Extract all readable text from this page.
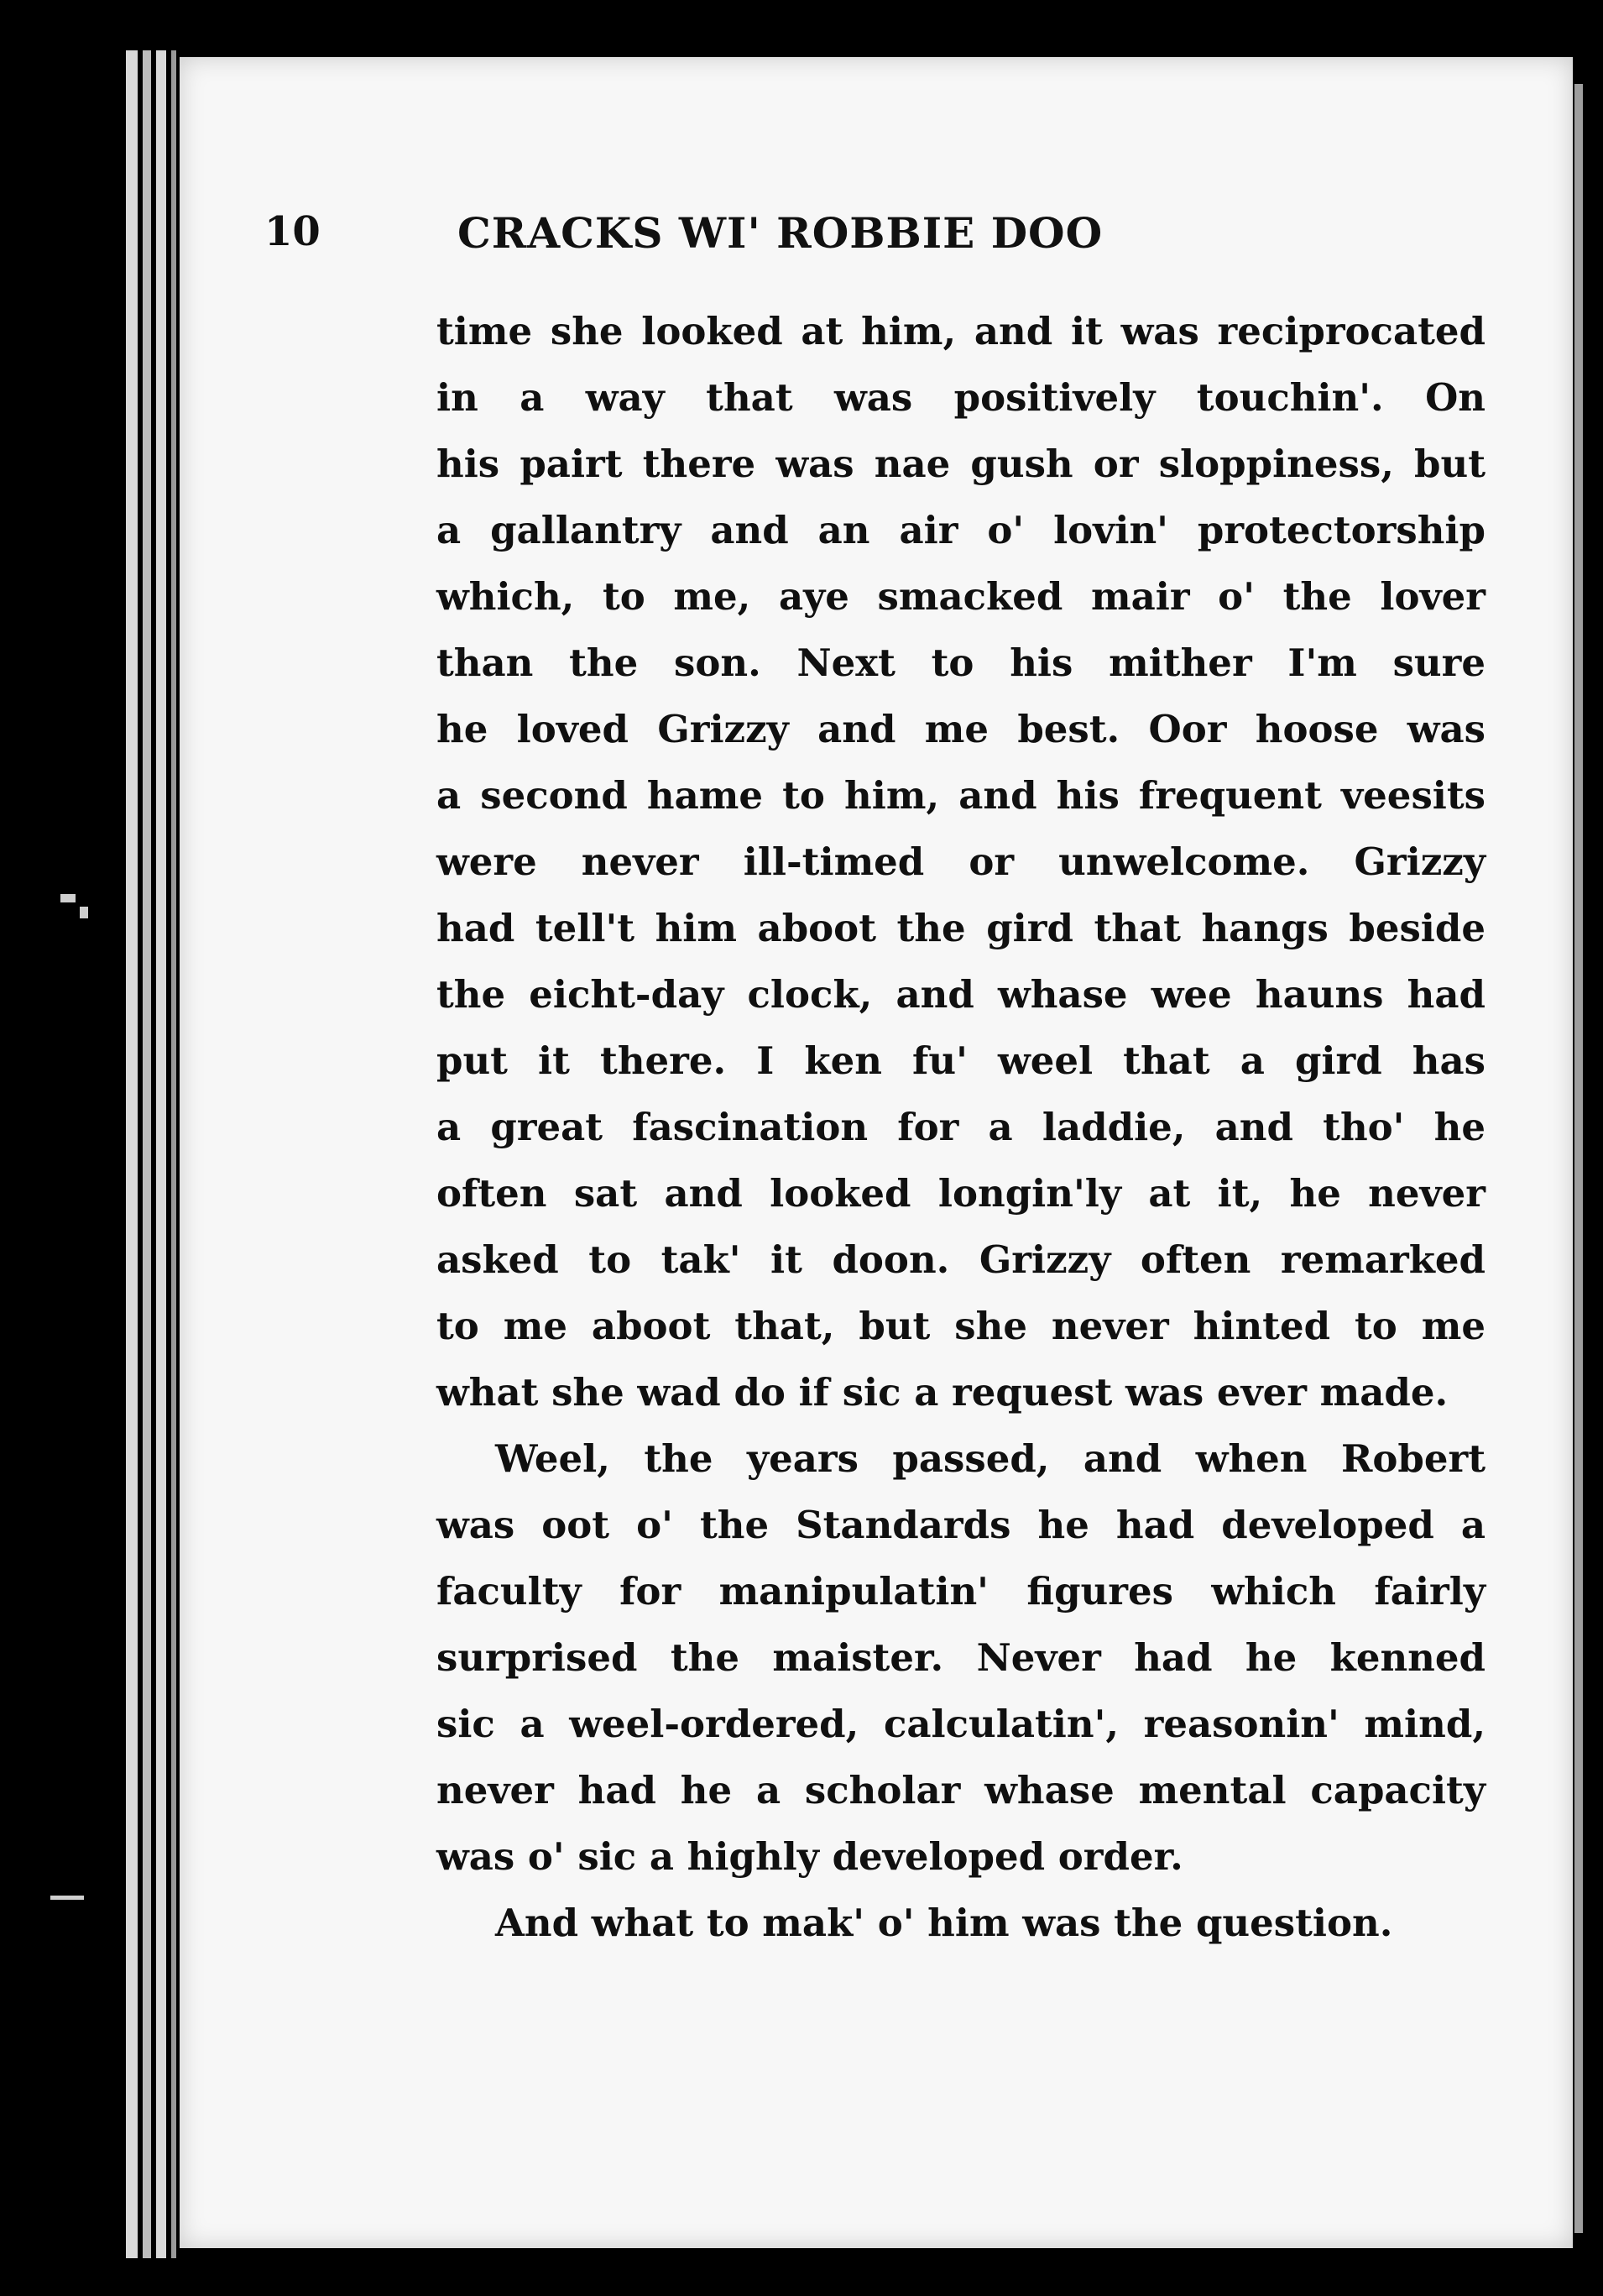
10	CRACKS WI' ROBBIE DOO
time she looked at him, and it was reciprocated
in a way that was positively touchin'. On
his pairt there was nae gush or sloppiness, but
a gallantry and an air o' lovin' protectorship
which, to me, aye smacked mair o' the lover
than the son. Next to his mither I'm sure
he loved Grizzy and me best. Oor hoose was
a second hame to him, and his frequent veesits
were never ill-timed or unwelcome. Grizzy
had tell't him aboot the gird that hangs beside
the eicht-day clock, and whase wee hauns had
put it there. I ken fu' weel that a gird has
a great fascination for a laddie, and tho' he
often sat and looked longin'ly at it, he never
asked to tak' it doon. Grizzy often remarked
to me aboot that, but she never hinted to me
what she wad do if sic a request was ever made.
Weel, the years passed, and when Robert
was oot o' the Standards he had developed a
faculty for manipulatin' figures which fairly
surprised the maister. Never had he kenned
sic a weel-ordered, calculatin', reasonin' mind,
never had he a scholar whase mental capacity
was o' sic a highly developed order.
And what to mak' o' him was the question.
